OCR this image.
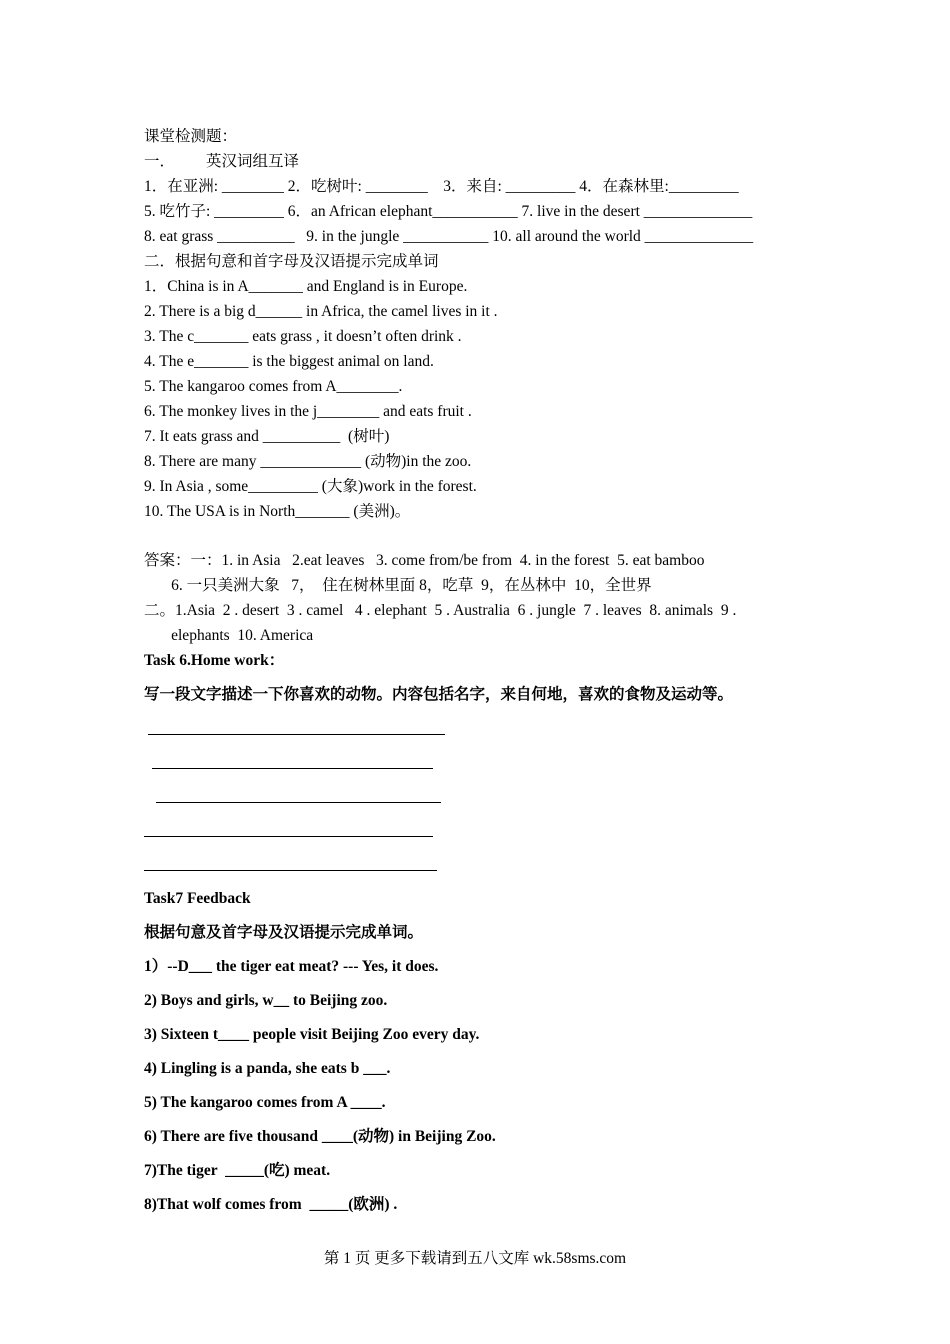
课堂检测题：
一．        英汉词组互译
1．在亚洲: ________ 2．吃树叶: ________    3．来自: _________ 4．在森林里:_________
5. 吃竹子: _________ 6．an African elephant___________ 7. live in the desert ______________
8. eat grass __________   9. in the jungle ___________ 10. all around the world ______________
二．根据句意和首字母及汉语提示完成单词
1．China is in A_______ and England is in Europe.
2. There is a big d______ in Africa, the camel lives in it .
3. The c_______ eats grass , it doesn’t often drink .
4. The e_______ is the biggest animal on land.
5. The kangaroo comes from A________.
6. The monkey lives in the j________ and eats fruit .
7. It eats grass and __________  (树叶)
8. There are many _____________ (动物)in the zoo.
9. In Asia , some_________ (大象)work in the forest.
10. The USA is in North_______ (美洲)。
答案：一：1. in Asia   2.eat leaves   3. come from/be from  4. in the forest  5. eat bamboo
6. 一只美洲大象   7，  住在树林里面 8，吃草  9，在丛林中  10，全世界
二。1.Asia  2 . desert  3 . camel   4 . elephant  5 . Australia  6 . jungle  7 . leaves  8. animals  9 .
elephants  10. America
Task 6.Home work：
写一段文字描述一下你喜欢的动物。内容包括名字，来自何地，喜欢的食物及运动等。
Task7 Feedback
根据句意及首字母及汉语提示完成单词。
1）--D___ the tiger eat meat? --- Yes, it does.
2) Boys and girls, w__ to Beijing zoo.
3) Sixteen t____ people visit Beijing Zoo every day.
4) Lingling is a panda, she eats b ___.
5) The kangaroo comes from A ____.
6) There are five thousand ____(动物) in Beijing Zoo.
7)The tiger  _____(吃) meat.
8)That wolf comes from  _____(欧洲) .
第 1 页 更多下载请到五八文库 wk.58sms.com
